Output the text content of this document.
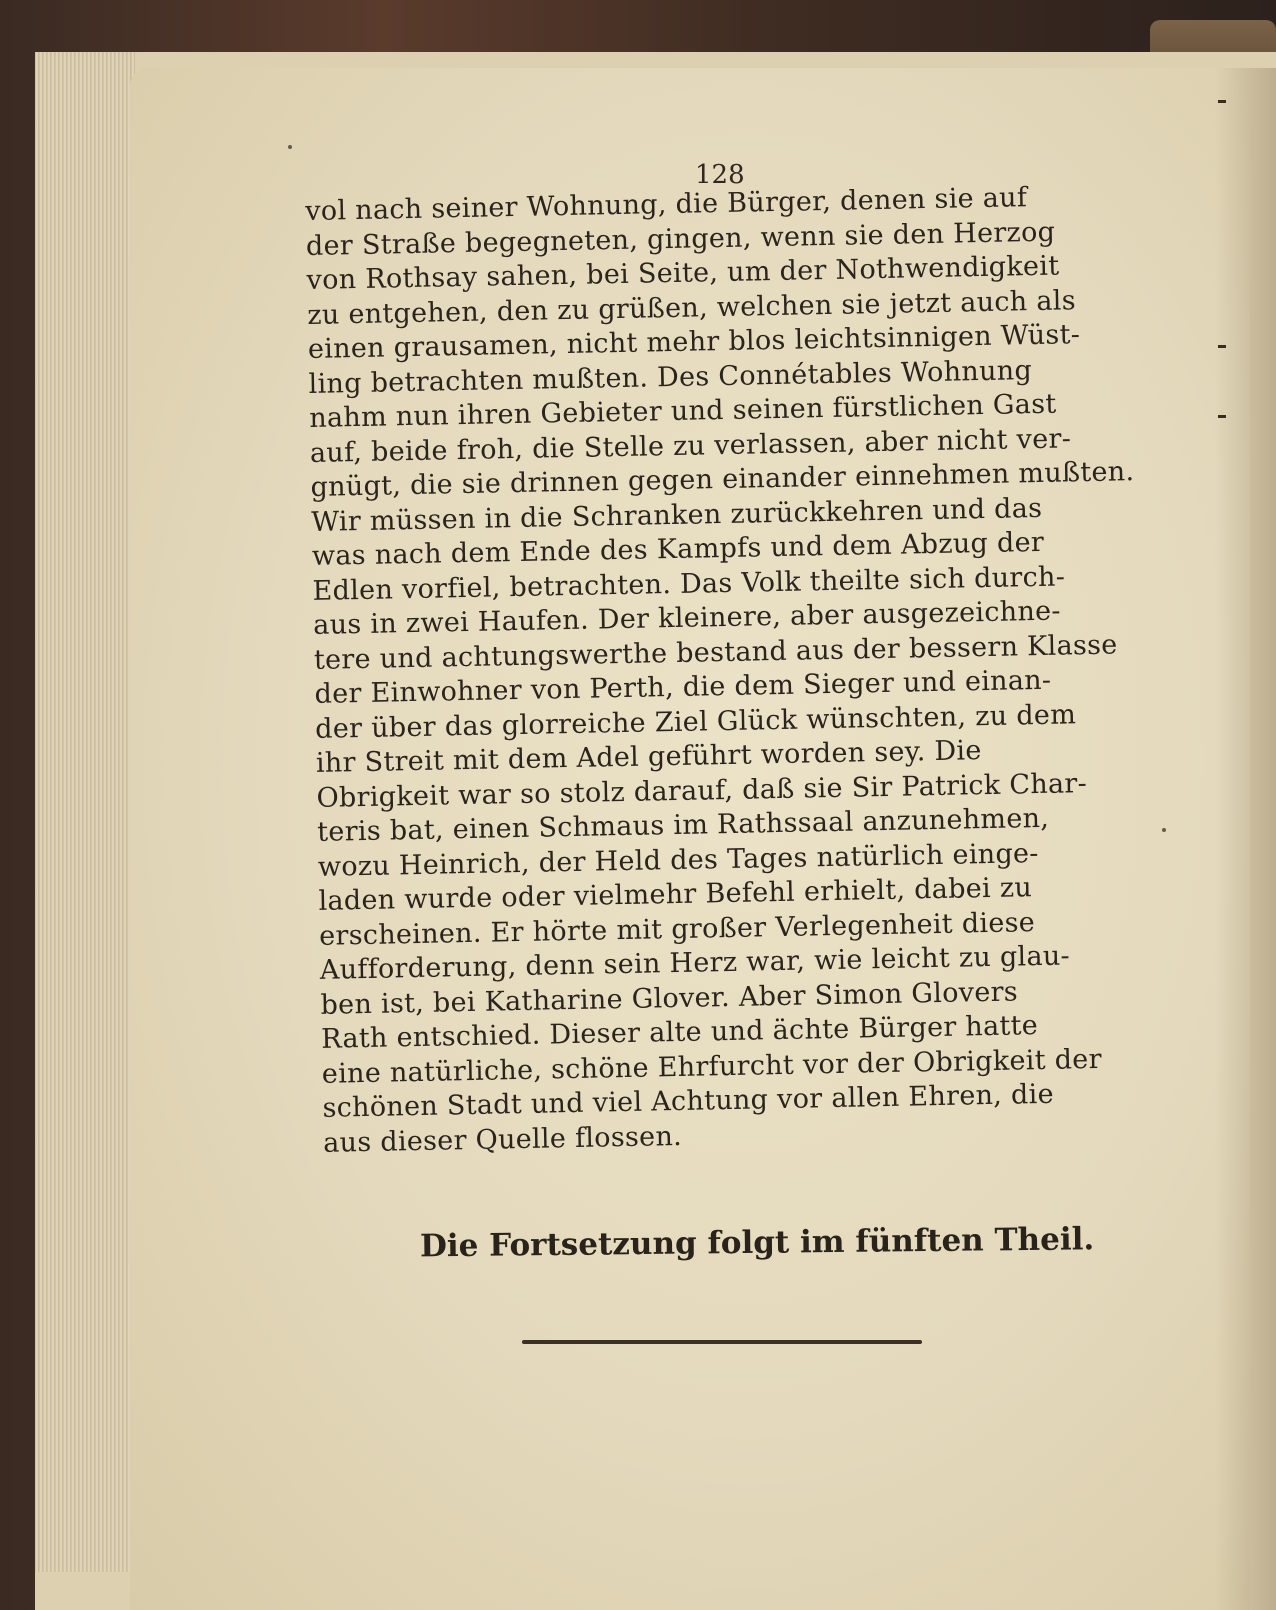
128
vol nach seiner Wohnung, die Bürger, denen sie auf
der Straße begegneten, gingen, wenn sie den Herzog
von Rothsay sahen, bei Seite, um der Nothwendigkeit
zu entgehen, den zu grüßen, welchen sie jetzt auch als
einen grausamen, nicht mehr blos leichtsinnigen Wüst-
ling betrachten mußten. Des Connétables Wohnung
nahm nun ihren Gebieter und seinen fürstlichen Gast
auf, beide froh, die Stelle zu verlassen, aber nicht ver-
gnügt, die sie drinnen gegen einander einnehmen mußten.
Wir müssen in die Schranken zurückkehren und das
was nach dem Ende des Kampfs und dem Abzug der
Edlen vorfiel, betrachten. Das Volk theilte sich durch-
aus in zwei Haufen. Der kleinere, aber ausgezeichne-
tere und achtungswerthe bestand aus der bessern Klasse
der Einwohner von Perth, die dem Sieger und einan-
der über das glorreiche Ziel Glück wünschten, zu dem
ihr Streit mit dem Adel geführt worden sey. Die
Obrigkeit war so stolz darauf, daß sie Sir Patrick Char-
teris bat, einen Schmaus im Rathssaal anzunehmen,
wozu Heinrich, der Held des Tages natürlich einge-
laden wurde oder vielmehr Befehl erhielt, dabei zu
erscheinen. Er hörte mit großer Verlegenheit diese
Aufforderung, denn sein Herz war, wie leicht zu glau-
ben ist, bei Katharine Glover. Aber Simon Glovers
Rath entschied. Dieser alte und ächte Bürger hatte
eine natürliche, schöne Ehrfurcht vor der Obrigkeit der
schönen Stadt und viel Achtung vor allen Ehren, die
aus dieser Quelle flossen.
Die Fortsetzung folgt im fünften Theil.
